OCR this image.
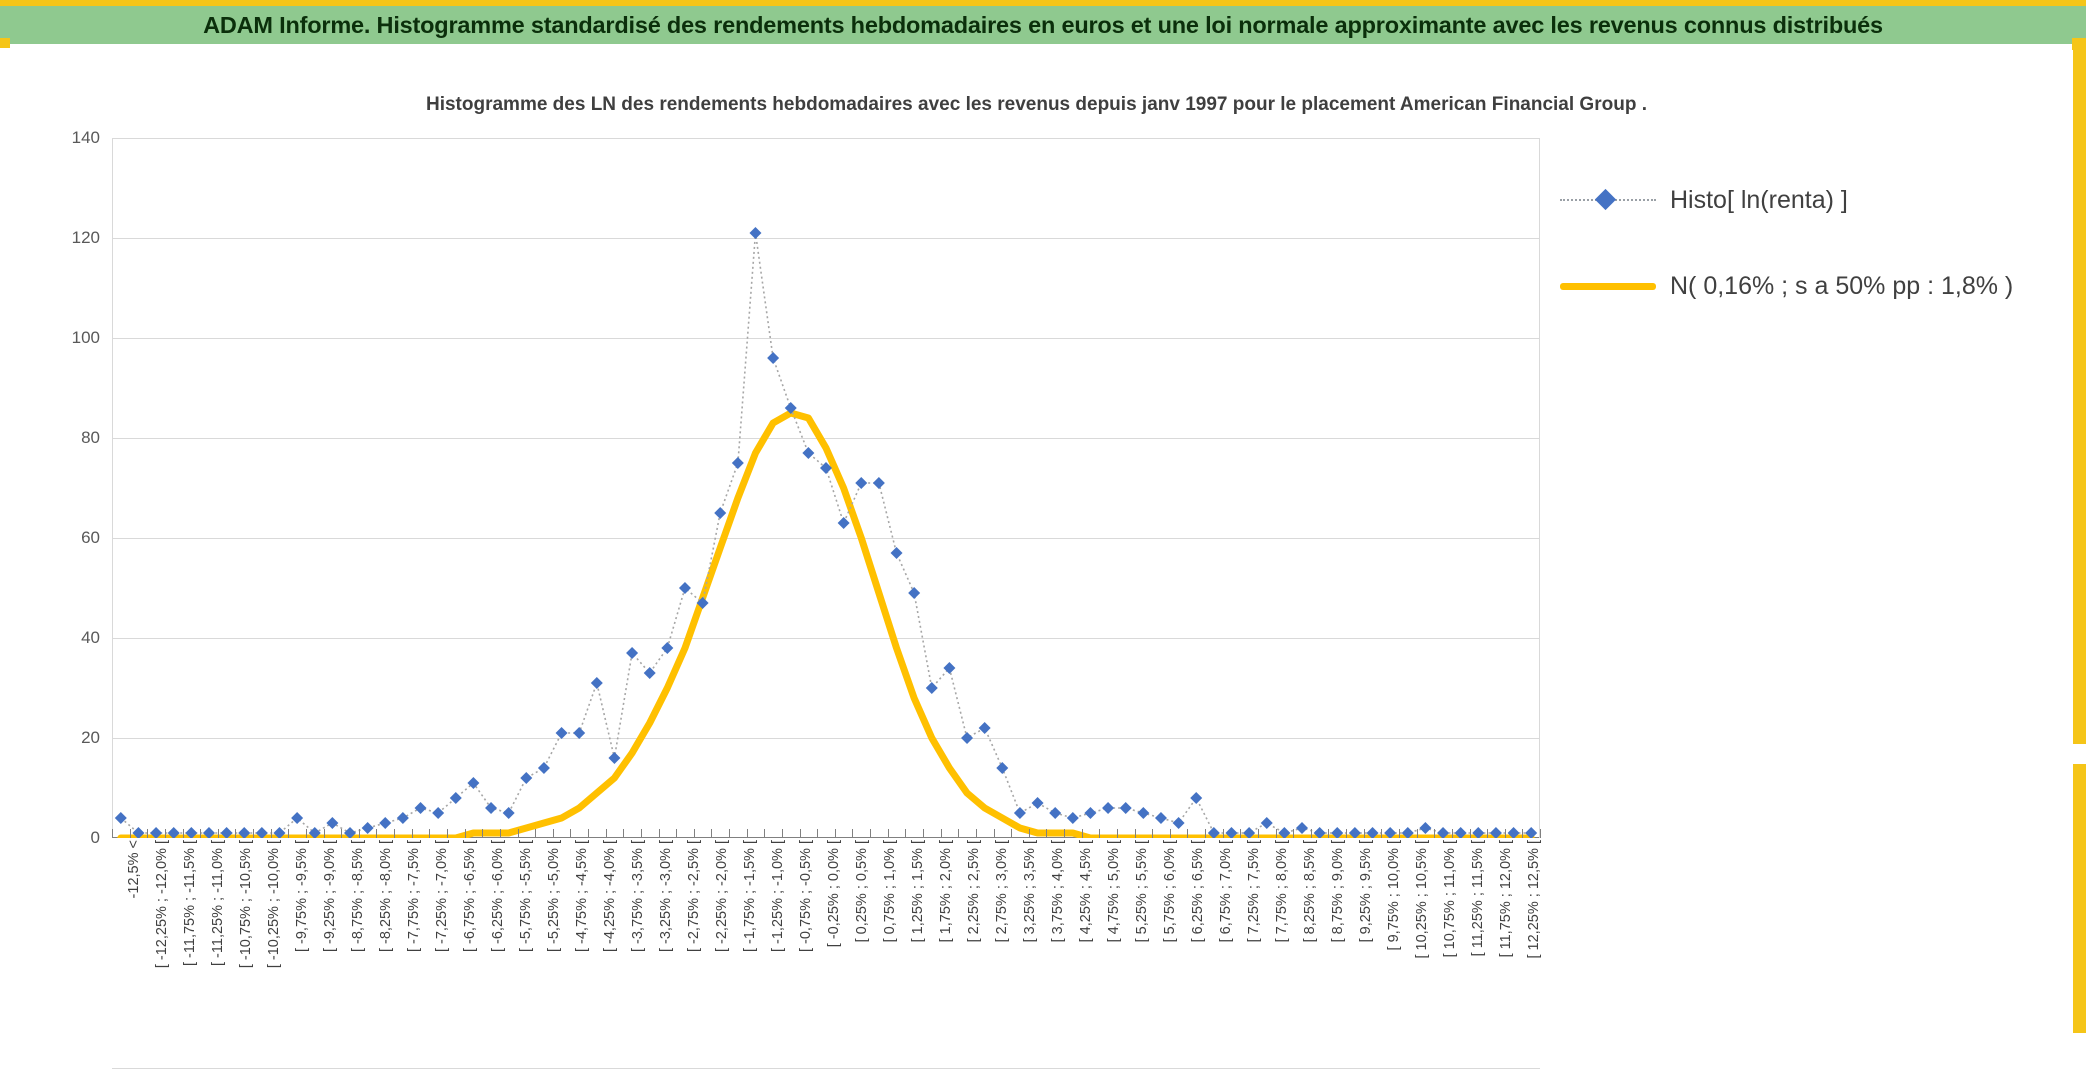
ADAM Informe. Histogramme standardisé des rendements hebdomadaires en euros et une loi normale approximante avec les revenus connus distribués
Histogramme des LN des rendements hebdomadaires avec les revenus depuis janv 1997 pour le placement American Financial Group .
140
120
100
80
60
40
20
0
-12,5% < [ -12,25% ; -12,0% [ [ -11,75% ; -11,5% [ [ -11,25% ; -11,0% [ [ -10,75% ; -10,5% [ [ -10,25% ; -10,0% [ [ -9,75% ; -9,5% [ [ -9,25% ; -9,0% [ [ -8,75% ; -8,5% [ [ -8,25% ; -8,0% [ [ -7,75% ; -7,5% [ [ -7,25% ; -7,0% [ [ -6,75% ; -6,5% [ [ -6,25% ; -6,0% [ [ -5,75% ; -5,5% [ [ -5,25% ; -5,0% [ [ -4,75% ; -4,5% [ [ -4,25% ; -4,0% [ [ -3,75% ; -3,5% [ [ -3,25% ; -3,0% [ [ -2,75% ; -2,5% [ [ -2,25% ; -2,0% [ [ -1,75% ; -1,5% [ [ -1,25% ; -1,0% [ [ -0,75% ; -0,5% [ [ -0,25% ; 0,0% [ [ 0,25% ; 0,5% [ [ 0,75% ; 1,0% [ [ 1,25% ; 1,5% [ [ 1,75% ; 2,0% [ [ 2,25% ; 2,5% [ [ 2,75% ; 3,0% [ [ 3,25% ; 3,5% [ [ 3,75% ; 4,0% [ [ 4,25% ; 4,5% [ [ 4,75% ; 5,0% [ [ 5,25% ; 5,5% [ [ 5,75% ; 6,0% [ [ 6,25% ; 6,5% [ [ 6,75% ; 7,0% [ [ 7,25% ; 7,5% [ [ 7,75% ; 8,0% [ [ 8,25% ; 8,5% [ [ 8,75% ; 9,0% [ [ 9,25% ; 9,5% [ [ 9,75% ; 10,0% [ [ 10,25% ; 10,5% [ [ 10,75% ; 11,0% [ [ 11,25% ; 11,5% [ [ 11,75% ; 12,0% [ [ 12,25% ; 12,5% [
Histo[ ln(renta) ]
N( 0,16% ; s a 50% pp : 1,8% )
